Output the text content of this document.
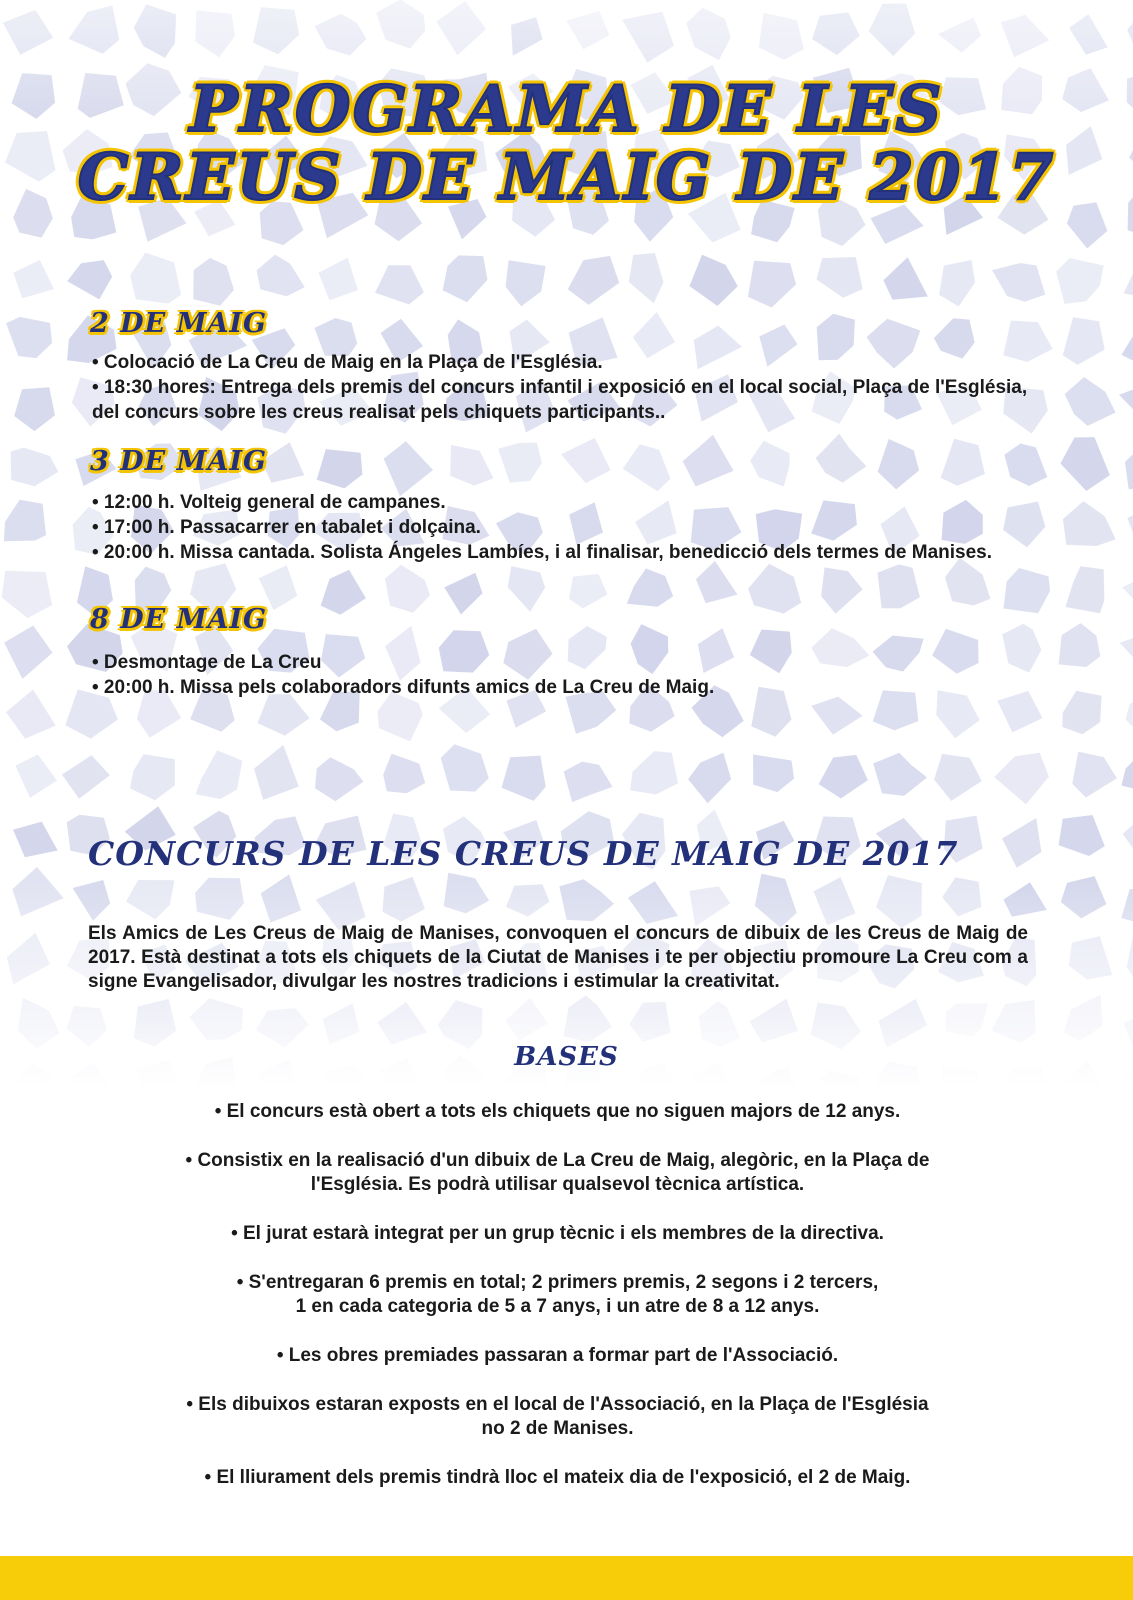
PROGRAMA DE LES
CREUS DE MAIG DE 2017
2 DE MAIG
• Colocació de La Creu de Maig en la Plaça de l'Església.
• 18:30 hores: Entrega dels premis del concurs infantil i exposició en el local social, Plaça de l'Església, del concurs sobre les creus realisat pels chiquets participants..
3 DE MAIG
• 12:00 h. Volteig general de campanes.
• 17:00 h. Passacarrer en tabalet i dolçaina.
• 20:00 h. Missa cantada. Solista Ángeles Lambíes, i al finalisar, benedicció dels termes de Manises.
8 DE MAIG
• Desmontage de La Creu
• 20:00 h. Missa pels colaboradors difunts amics de La Creu de Maig.
CONCURS DE LES CREUS DE MAIG DE 2017

Els Amics de Les Creus de Maig de Manises, convoquen el concurs de dibuix de les Creus de Maig de 2017. Està destinat a tots els chiquets de la Ciutat de Manises i te per objectiu promoure La Creu com a signe Evangelisador, divulgar les nostres tradicions i estimular la creativitat.

BASES
• El concurs està obert a tots els chiquets que no siguen majors de 12 anys.
• Consistix en la realisació d'un dibuix de La Creu de Maig, alegòric, en la Plaça de
l'Església. Es podrà utilisar qualsevol tècnica artística.
• El jurat estarà integrat per un grup tècnic i els membres de la directiva.
• S'entregaran 6 premis en total; 2 primers premis, 2 segons i 2 tercers,
1 en cada categoria de 5 a 7 anys, i un atre de 8 a 12 anys.
• Les obres premiades passaran a formar part de l'Associació.
• Els dibuixos estaran exposts en el local de l'Associació, en la Plaça de l'Església
no 2 de Manises.
• El lliurament dels premis tindrà lloc el mateix dia de l'exposició, el 2 de Maig.
